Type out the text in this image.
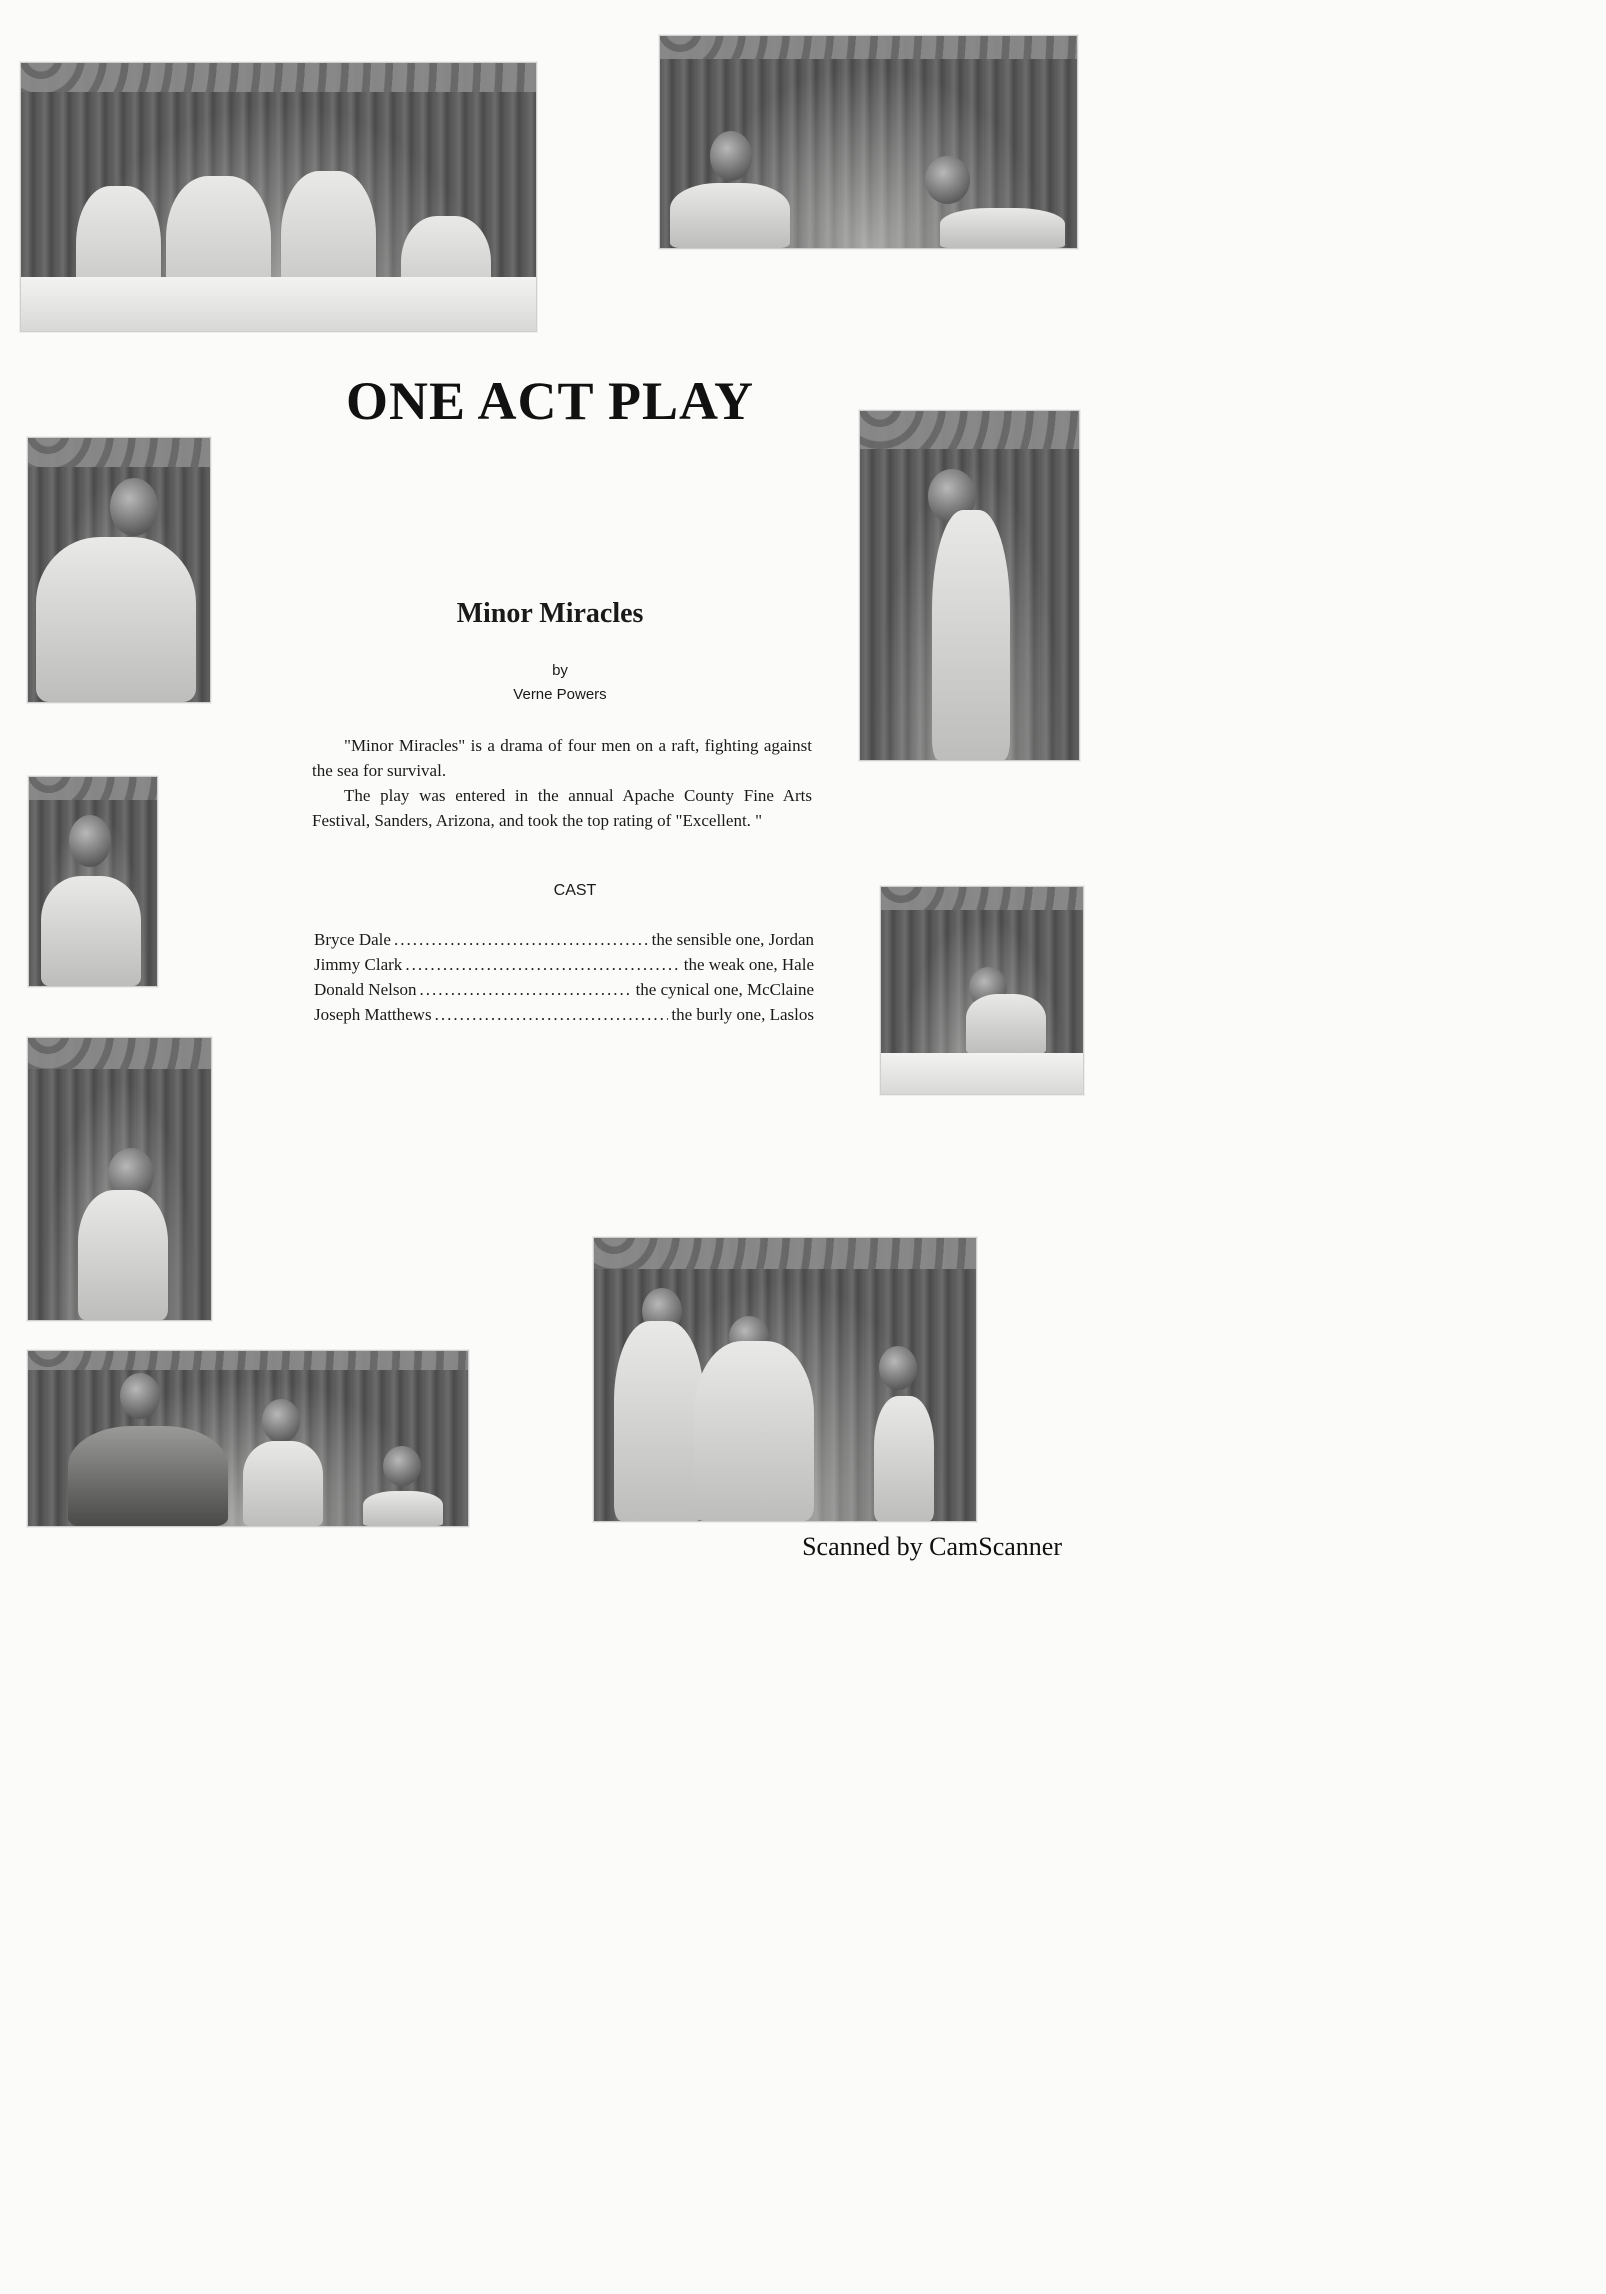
ONE ACT PLAY
Minor Miracles
by
Verne Powers

"Minor Miracles" is a drama of four men on a raft, fighting against the sea for survival.

The play was entered in the annual Apache County Fine Arts Festival, Sanders, Arizona, and took the top rating of "Excellent. "

CAST
Bryce Dale .....	the sensible one, Jordan
Jimmy Clark .....	the weak one, Hale
Donald Nelson .....	the cynical one, McClaine
Joseph Matthews .....	the burly one, Laslos
Scanned by CamScanner
